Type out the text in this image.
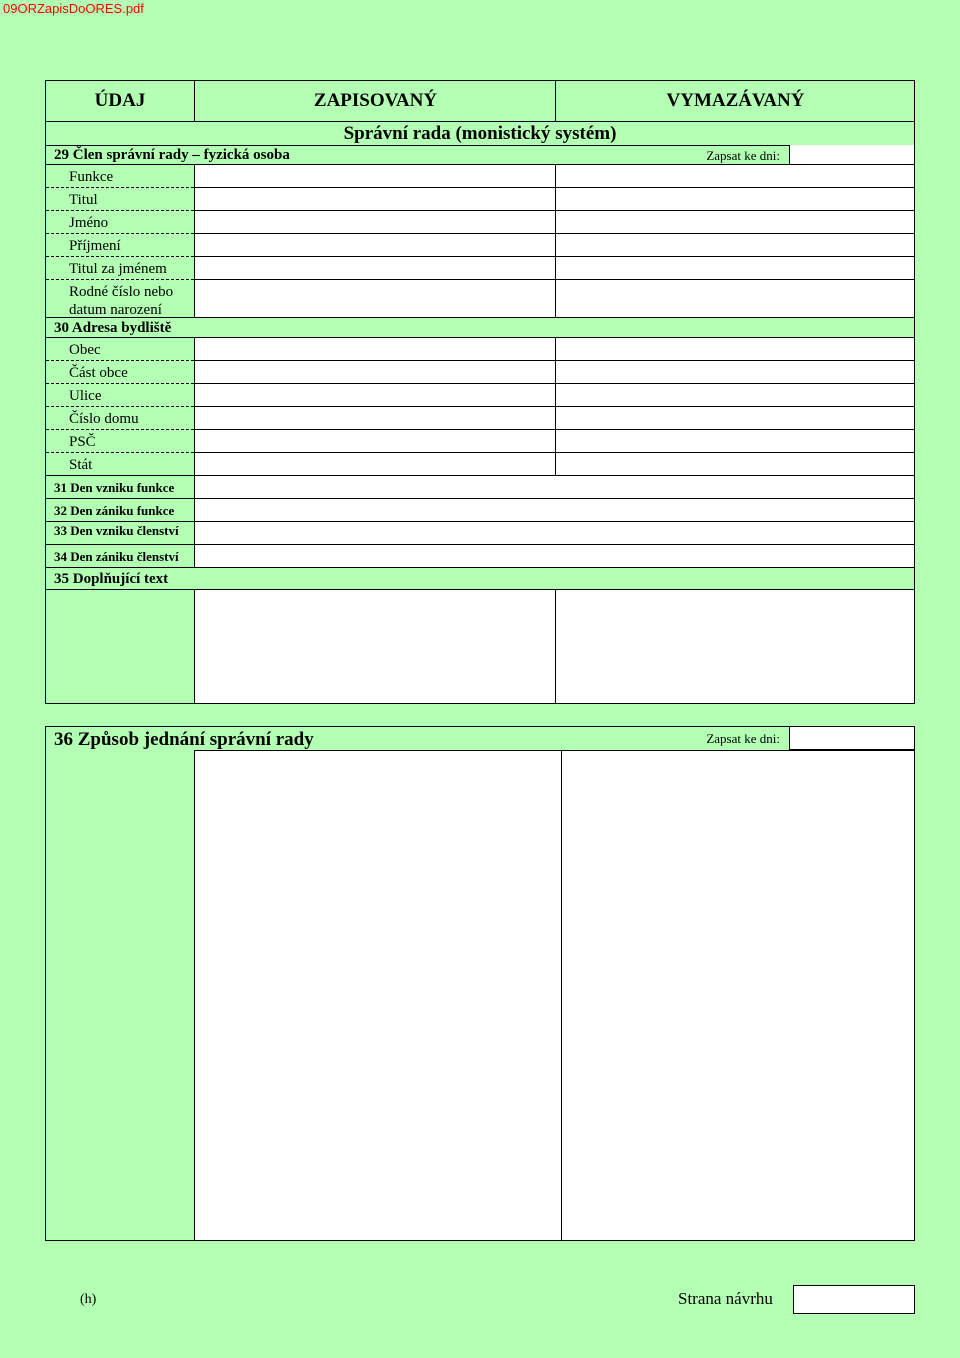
09ORZapisDoORES.pdf
ÚDAJ	ZAPISOVANÝ	VYMAZÁVANÝ
Správní rada (monistický systém)
29 Člen správní rady – fyzická osoba	Zapsat ke dni:
Funkce
Titul
Jméno
Příjmení
Titul za jménem
Rodné číslo nebo datum narození
30 Adresa bydliště
Obec
Část obce
Ulice
Číslo domu
PSČ
Stát
31 Den vzniku funkce
32 Den zániku funkce
33 Den vzniku členství
34 Den zániku členství
35 Doplňující text
36 Způsob jednání správní rady	Zapsat ke dni:
(h)	Strana návrhu
